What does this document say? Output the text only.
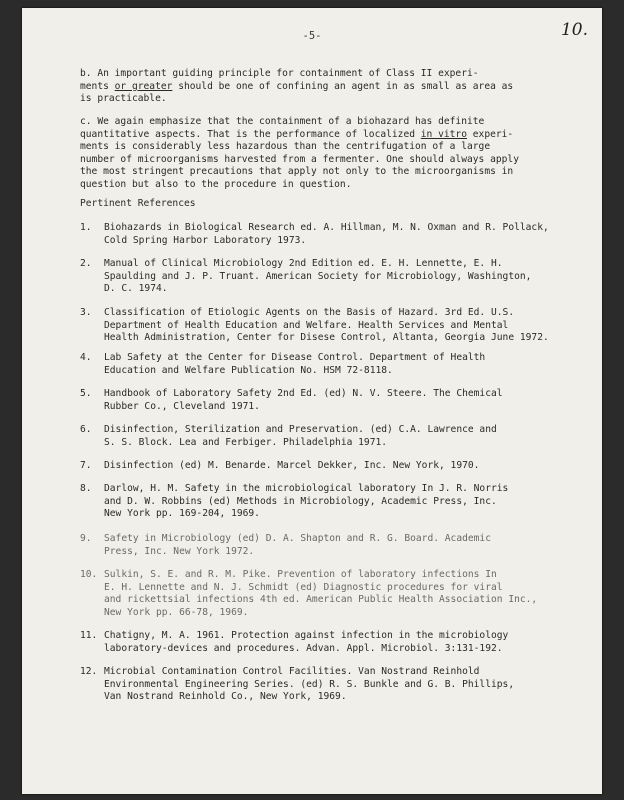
-5-	10.
b. An important guiding principle for containment of Class II experi-
ments or greater should be one of confining an agent in as small as area as
is practicable.
c. We again emphasize that the containment of a biohazard has definite
quantitative aspects. That is the performance of localized in vitro experi-
ments is considerably less hazardous than the centrifugation of a large
number of microorganisms harvested from a fermenter. One should always apply
the most stringent precautions that apply not only to the microorganisms in
question but also to the procedure in question.
Pertinent References
1.	Biohazards in Biological Research ed. A. Hillman, M. N. Oxman and R. Pollack,
Cold Spring Harbor Laboratory 1973.
2.	Manual of Clinical Microbiology 2nd Edition ed. E. H. Lennette, E. H.
Spaulding and J. P. Truant. American Society for Microbiology, Washington,
D. C. 1974.
3.	Classification of Etiologic Agents on the Basis of Hazard. 3rd Ed. U.S.
Department of Health Education and Welfare. Health Services and Mental
Health Administration, Center for Disese Control, Altanta, Georgia June 1972.
4.	Lab Safety at the Center for Disease Control. Department of Health
Education and Welfare Publication No. HSM 72-8118.
5.	Handbook of Laboratory Safety 2nd Ed. (ed) N. V. Steere. The Chemical
Rubber Co., Cleveland 1971.
6.	Disinfection, Sterilization and Preservation. (ed) C.A. Lawrence and
S. S. Block. Lea and Ferbiger. Philadelphia 1971.
7.	Disinfection (ed) M. Benarde. Marcel Dekker, Inc. New York, 1970.
8.	Darlow, H. M. Safety in the microbiological laboratory In J. R. Norris
and D. W. Robbins (ed) Methods in Microbiology, Academic Press, Inc.
New York pp. 169-204, 1969.
9.	Safety in Microbiology (ed) D. A. Shapton and R. G. Board. Academic
Press, Inc. New York 1972.
10. Sulkin, S. E. and R. M. Pike. Prevention of laboratory infections In
E. H. Lennette and N. J. Schmidt (ed) Diagnostic procedures for viral
and rickettsial infections 4th ed. American Public Health Association Inc.,
New York pp. 66-78, 1969.
11. Chatigny, M. A. 1961. Protection against infection in the microbiology
laboratory-devices and procedures. Advan. Appl. Microbiol. 3:131-192.
12. Microbial Contamination Control Facilities. Van Nostrand Reinhold
Environmental Engineering Series. (ed) R. S. Bunkle and G. B. Phillips,
Van Nostrand Reinhold Co., New York, 1969.
